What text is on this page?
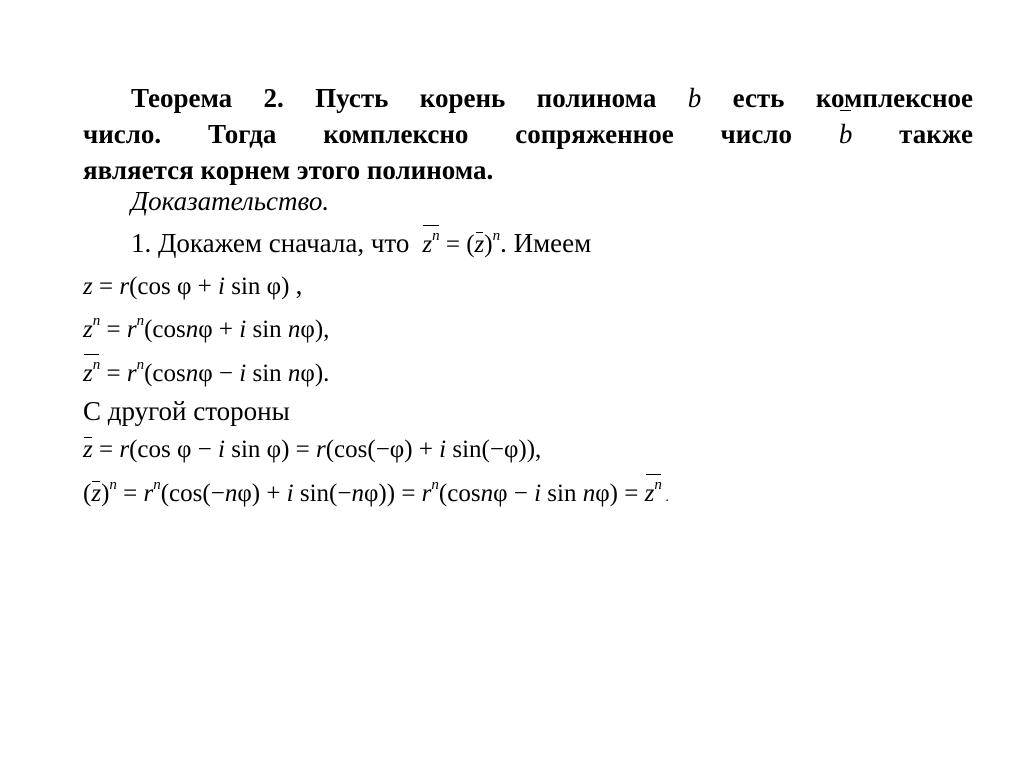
Теорема 2. Пусть корень полинома b есть комплексное
число. Тогда комплексно сопряженное число b также
является корнем этого полинома.
Доказательство.
1. Докажем сначала, что $z^n = (z)^n$. Имеем
z = r(cos φ + i sin φ) ,
$z^n = r^n(\cos n\varphi + i$ sin nφ),
$z^n = r^n(\cos n\varphi - i$ sin nφ).
С другой стороны
z = r(cos φ − i sin φ) = r(cos(−φ) + i sin(−φ)),
$(z)^n = r^n(\cos(-n\varphi) + i$ $\sin(-n\varphi)) = r^n(\cos n\varphi - i$ $\sin n\varphi) = z^n$ .
